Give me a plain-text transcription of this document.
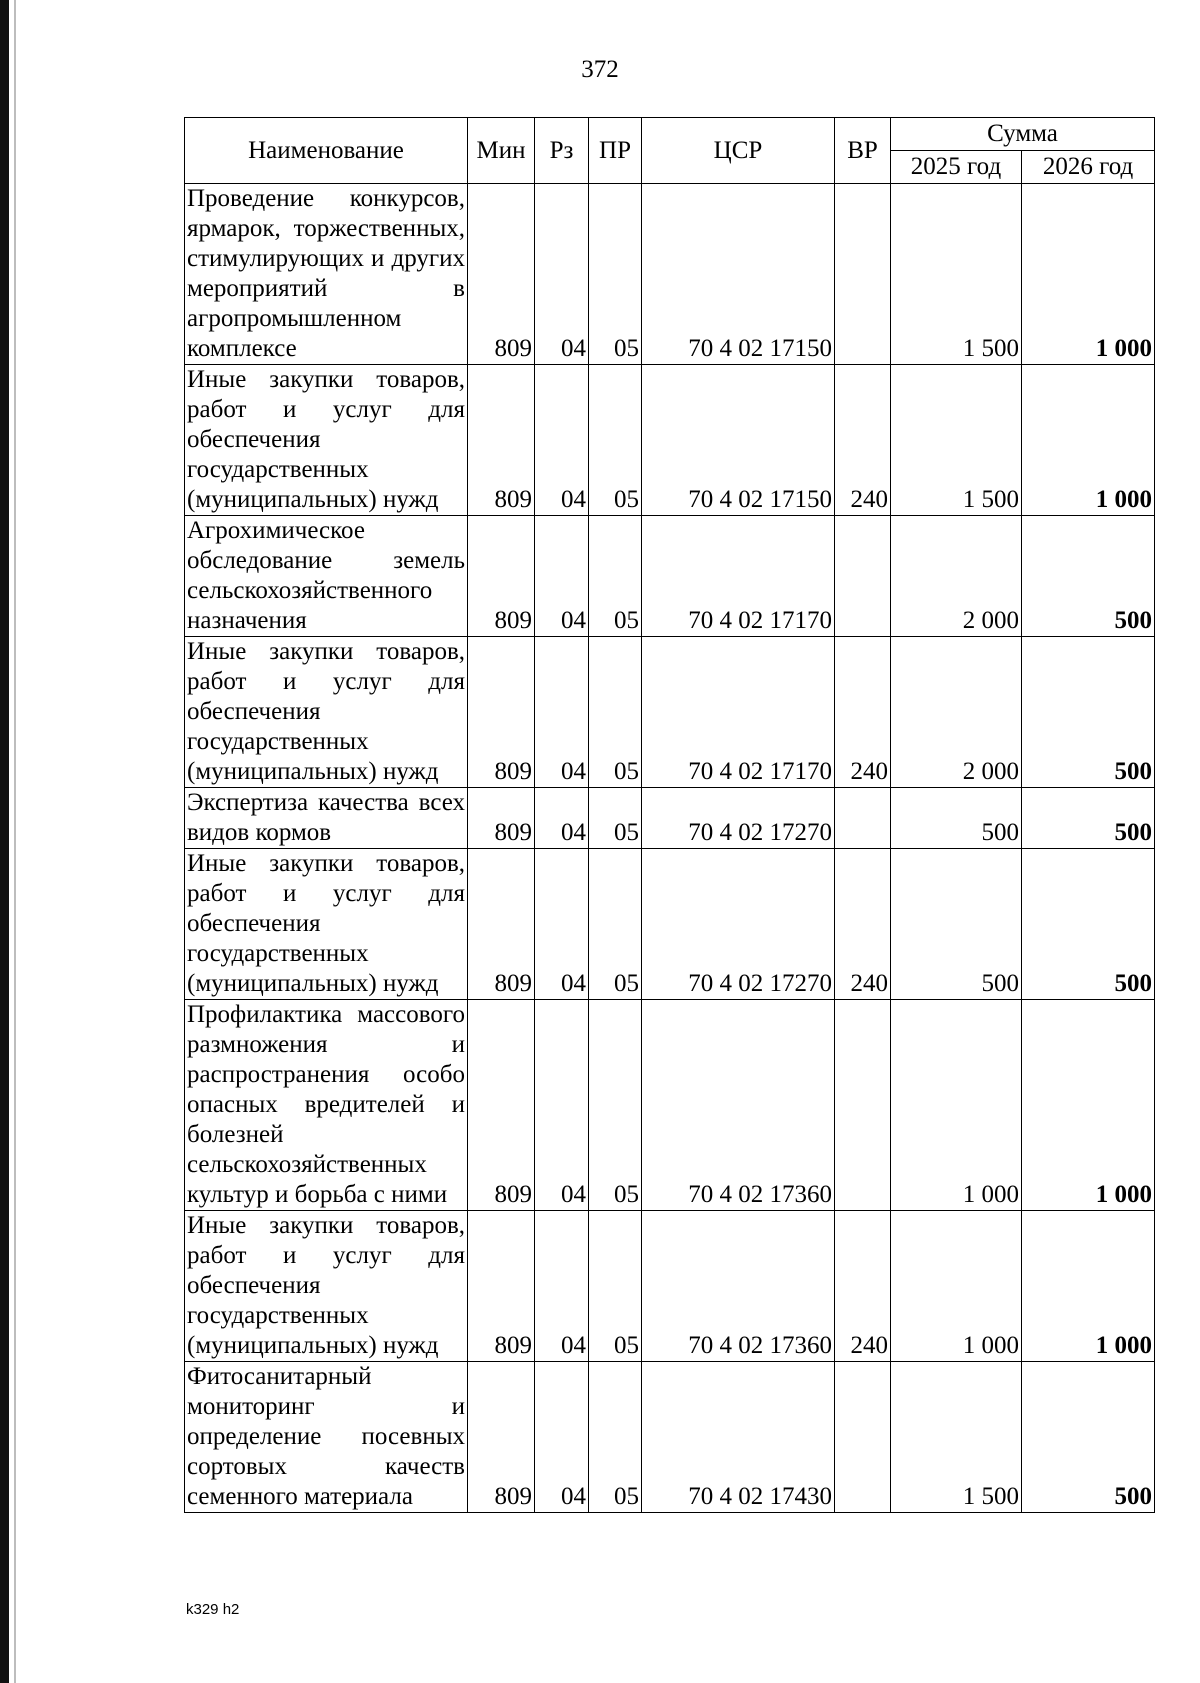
372
Наименование	Мин	Рз	ПР	ЦСР	ВР	Сумма	
						2025 год	2026 год
Проведение конкурсов, ярмарок, торжественных, стимулирующих и других мероприятий в агропромышленном комплексе	809	04	05	70 4 02 17150		1 500	1 000
Иные закупки товаров, работ и услуг для обеспечения государственных (муниципальных) нужд	809	04	05	70 4 02 17150	240	1 500	1 000
Агрохимическое обследование земель сельскохозяйственного назначения	809	04	05	70 4 02 17170		2 000	500
Иные закупки товаров, работ и услуг для обеспечения государственных (муниципальных) нужд	809	04	05	70 4 02 17170	240	2 000	500
Экспертиза качества всех видов кормов	809	04	05	70 4 02 17270		500	500
Иные закупки товаров, работ и услуг для обеспечения государственных (муниципальных) нужд	809	04	05	70 4 02 17270	240	500	500
Профилактика массового размножения и распространения особо опасных вредителей и болезней сельскохозяйственных культур и борьба с ними	809	04	05	70 4 02 17360		1 000	1 000
Иные закупки товаров, работ и услуг для обеспечения государственных (муниципальных) нужд	809	04	05	70 4 02 17360	240	1 000	1 000
Фитосанитарный мониторинг и определение посевных сортовых качеств семенного материала	809	04	05	70 4 02 17430		1 500	500
k329 h2
